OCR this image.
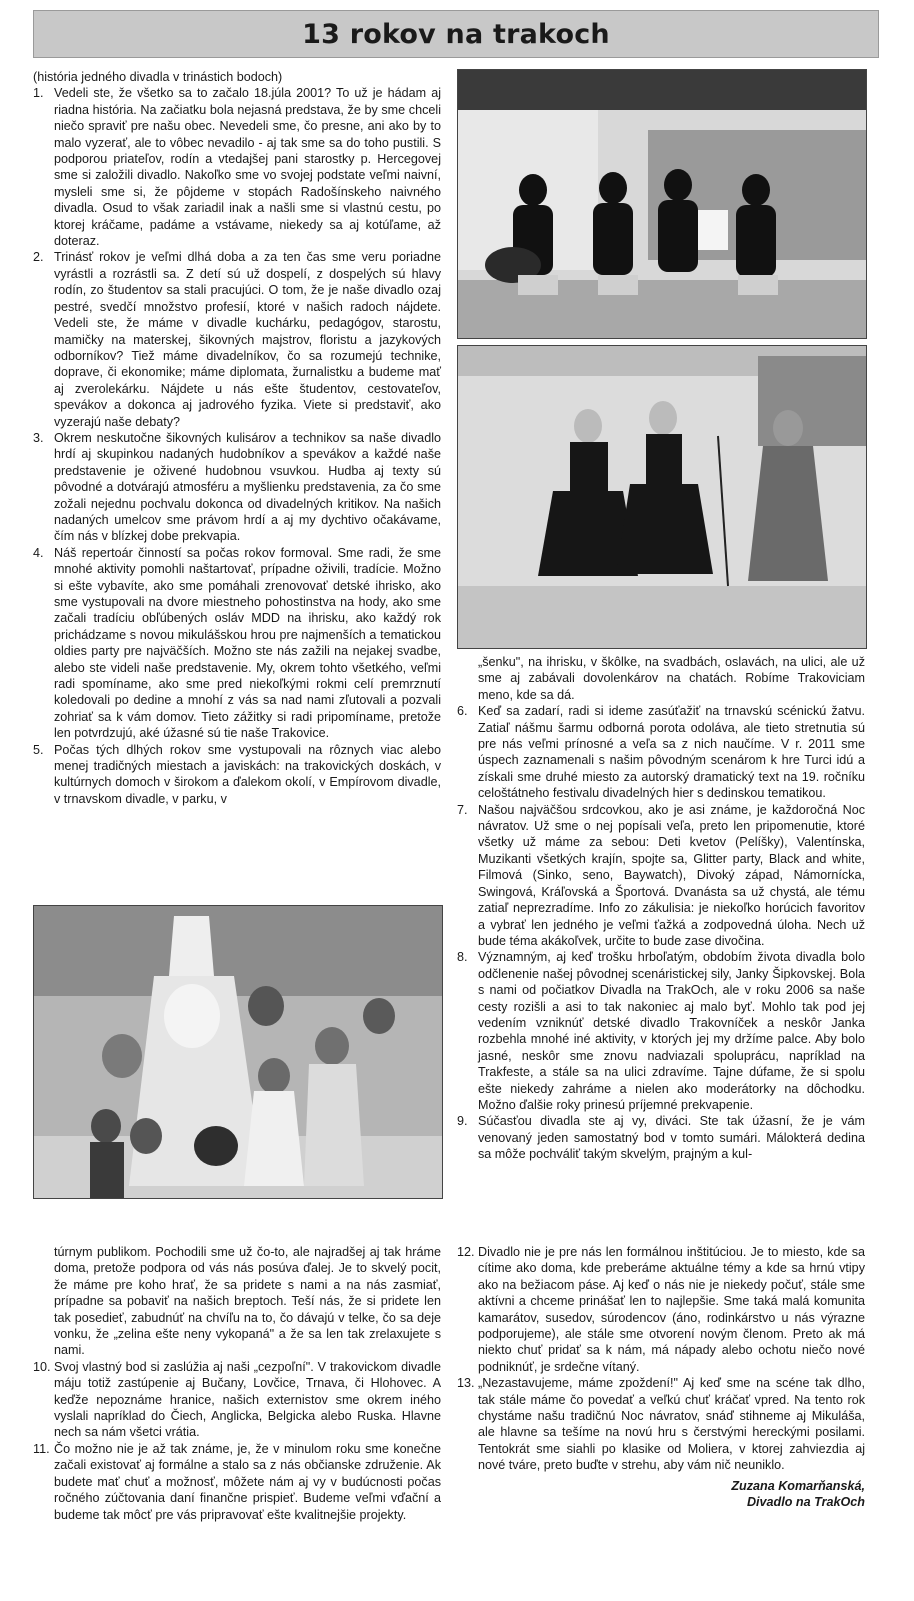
13 rokov na trakoch

(história jedného divadla v trinástich bodoch)

1. Vedeli ste, že všetko sa to začalo 18.júla 2001? To už je hádam aj riadna história. Na začiatku bola nejasná predstava, že by sme chceli niečo spraviť pre našu obec. Nevedeli sme, čo presne, ani ako by to malo vyzerať, ale to vôbec nevadilo - aj tak sme sa do toho pustili. S podporou priateľov, rodín a vtedajšej pani starostky p. Hercegovej sme si založili divadlo. Nakoľko sme vo svojej podstate veľmi naivní, mysleli sme si, že pôjdeme v stopách Radošínskeho naivného divadla. Osud to však zariadil inak a našli sme si vlastnú cestu, po ktorej kráčame, padáme a vstávame, niekedy sa aj kotúľame, až doteraz.
2. Trinásť rokov je veľmi dlhá doba a za ten čas sme veru poriadne vyrástli a rozrástli sa. Z detí sú už dospelí, z dospelých sú hlavy rodín, zo študentov sa stali pracujúci. O tom, že je naše divadlo ozaj pestré, svedčí množstvo profesií, ktoré v našich radoch nájdete. Vedeli ste, že máme v divadle kuchárku, pedagógov, starostu, mamičky na materskej, šikovných majstrov, floristu a jazykových odborníkov? Tiež máme divadelníkov, čo sa rozumejú technike, doprave, či ekonomike; máme diplomata, žurnalistku a budeme mať aj zverolekárku. Nájdete u nás ešte študentov, cestovateľov, spevákov a dokonca aj jadrového fyzika. Viete si predstaviť, ako vyzerajú naše debaty?
3. Okrem neskutočne šikovných kulisárov a technikov sa naše divadlo hrdí aj skupinkou nadaných hudobníkov a spevákov a každé naše predstavenie je oživené hudobnou vsuvkou. Hudba aj texty sú pôvodné a dotvárajú atmosféru a myšlienku predstavenia, za čo sme zožali nejednu pochvalu dokonca od divadelných kritikov. Na našich nadaných umelcov sme právom hrdí a aj my dychtivo očakávame, čím nás v blízkej dobe prekvapia.
4. Náš repertoár činností sa počas rokov formoval. Sme radi, že sme mnohé aktivity pomohli naštartovať, prípadne oživili, tradície. Možno si ešte vybavíte, ako sme pomáhali zrenovovať detské ihrisko, ako sme vystupovali na dvore miestneho pohostinstva na hody, ako sme začali tradíciu obľúbených osláv MDD na ihrisku, ako každý rok prichádzame s novou mikulášskou hrou pre najmenších a tematickou oldies party pre najväčších. Možno ste nás zažili na nejakej svadbe, alebo ste videli naše predstavenie. My, okrem tohto všetkého, veľmi radi spomíname, ako sme pred niekoľkými rokmi celí premrznutí koledovali po dedine a mnohí z vás sa nad nami zľutovali a pozvali zohriať sa k vám domov. Tieto zážitky si radi pripomíname, pretože len potvrdzujú, aké úžasné sú tie naše Trakovice.
5. Počas tých dlhých rokov sme vystupovali na rôznych viac alebo menej tradičných miestach a javiskách: na trakovických doskách, v kultúrnych domoch v širokom a ďalekom okolí, v Empírovom divadle, v trnavskom divadle, v parku, v

„šenku", na ihrisku, v škôlke, na svadbách, oslavách, na ulici, ale už sme aj zabávali dovolenkárov na chatách. Robíme Trakoviciam meno, kde sa dá.

6. Keď sa zadarí, radi si ideme zasúťažiť na trnavskú scénickú žatvu. Zatiaľ nášmu šarmu odborná porota odoláva, ale tieto stretnutia sú pre nás veľmi prínosné a veľa sa z nich naučíme. V r. 2011 sme úspech zaznamenali s našim pôvodným scenárom k hre Turci idú a získali sme druhé miesto za autorský dramatický text na 19. ročníku celoštátneho festivalu divadelných hier s dedinskou tematikou.
7. Našou najväčšou srdcovkou, ako je asi známe, je každoročná Noc návratov. Už sme o nej popísali veľa, preto len pripomenutie, ktoré všetky už máme za sebou: Deti kvetov (Pelíšky), Valentínska, Muzikanti všetkých krajín, spojte sa, Glitter party, Black and white, Filmová (Sinko, seno, Baywatch), Divoký západ, Námornícka, Swingová, Kráľovská a Športová. Dvanásta sa už chystá, ale tému zatiaľ neprezradíme. Info zo zákulisia: je niekoľko horúcich favoritov a vybrať len jedného je veľmi ťažká a zodpovedná úloha. Nech už bude téma akákoľvek, určite to bude zase divočina.
8. Významným, aj keď trošku hrboľatým, obdobím života divadla bolo odčlenenie našej pôvodnej scenáristickej sily, Janky Šipkovskej. Bola s nami od počiatkov Divadla na TrakOch, ale v roku 2006 sa naše cesty rozišli a asi to tak nakoniec aj malo byť. Mohlo tak pod jej vedením vzniknúť detské divadlo Trakovníček a neskôr Janka rozbehla mnohé iné aktivity, v ktorých jej my držíme palce. Aby bolo jasné, neskôr sme znovu nadviazali spoluprácu, napríklad na Trakfeste, a stále sa na ulici zdravíme. Tajne dúfame, že si spolu ešte niekedy zahráme a nielen ako moderátorky na dôchodku. Možno ďalšie roky prinesú príjemné prekvapenie.
9. Súčasťou divadla ste aj vy, diváci. Ste tak úžasní, že je vám venovaný jeden samostatný bod v tomto sumári. Málokterá dedina sa môže pochváliť takým skvelým, prajným a kul-

túrnym publikom. Pochodili sme už čo-to, ale najradšej aj tak hráme doma, pretože podpora od vás nás posúva ďalej. Je to skvelý pocit, že máme pre koho hrať, že sa pridete s nami a na nás zasmiať, prípadne sa pobaviť na našich breptoch. Teší nás, že si pridete len tak posedieť, zabudnúť na chvíľu na to, čo dávajú v telke, čo sa deje vonku, že „zelina ešte neny vykopaná" a že sa len tak zrelaxujete s nami.

10. Svoj vlastný bod si zaslúžia aj naši „cezpoľní". V trakovickom divadle máju totiž zastúpenie aj Bučany, Lovčice, Trnava, či Hlohovec. A keďže nepoznáme hranice, našich externistov sme okrem iného vyslali napríklad do Čiech, Anglicka, Belgicka alebo Ruska. Hlavne nech sa nám všetci vrátia.
11. Čo možno nie je až tak známe, je, že v minulom roku sme konečne začali existovať aj formálne a stalo sa z nás občianske združenie. Ak budete mať chuť a možnosť, môžete nám aj vy v budúcnosti počas ročného zúčtovania daní finančne prispieť. Budeme veľmi vďační a budeme tak môcť pre vás pripravovať ešte kvalitnejšie projekty.
12. Divadlo nie je pre nás len formálnou inštitúciou. Je to miesto, kde sa cítime ako doma, kde preberáme aktuálne témy a kde sa hrnú vtipy ako na bežiacom páse. Aj keď o nás nie je niekedy počuť, stále sme aktívni a chceme prinášať len to najlepšie. Sme taká malá komunita kamarátov, susedov, súrodencov (áno, rodinkárstvo u nás výrazne podporujeme), ale stále sme otvorení novým členom. Preto ak má niekto chuť pridať sa k nám, má nápady alebo ochotu niečo nové podniknúť, je srdečne vítaný.
13. „Nezastavujeme, máme zpoždení!" Aj keď sme na scéne tak dlho, tak stále máme čo povedať a veľkú chuť kráčať vpred. Na tento rok chystáme našu tradičnú Noc návratov, snáď stihneme aj Mikuláša, ale hlavne sa tešíme na novú hru s čerstvými hereckými posilami. Tentokrát sme siahli po klasike od Moliera, v ktorej zahviezdia aj nové tváre, preto buďte v strehu, aby vám nič neuniklo.
Zuzana Komarňanská,
Divadlo na TrakOch
